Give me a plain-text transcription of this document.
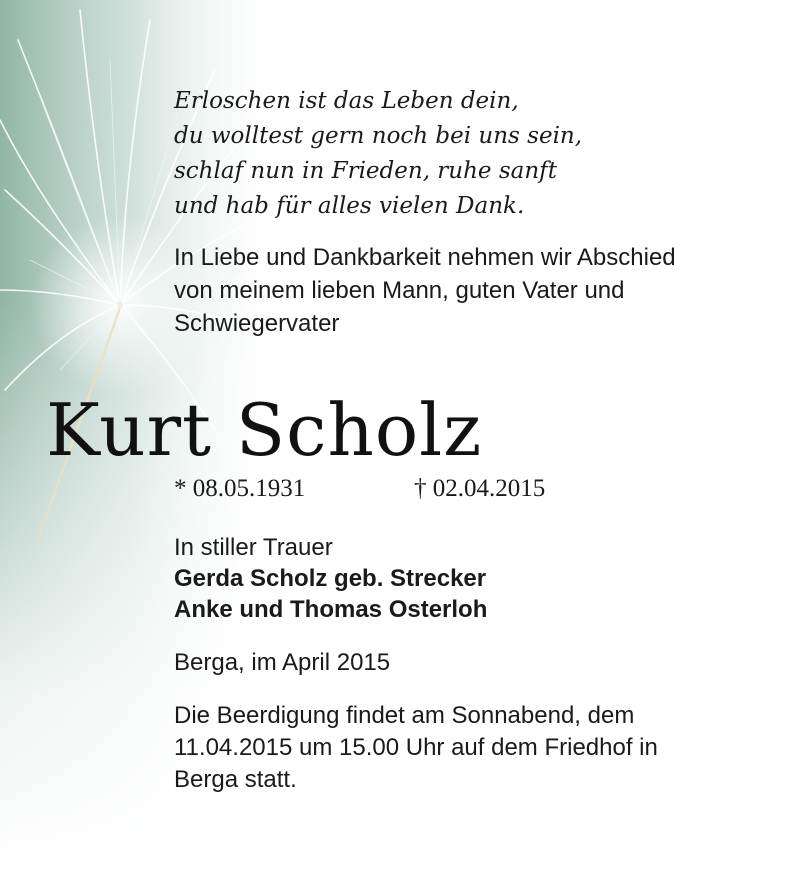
Erloschen ist das Leben dein,
du wolltest gern noch bei uns sein,
schlaf nun in Frieden, ruhe sanft
und hab für alles vielen Dank.

In Liebe und Dankbarkeit nehmen wir Abschied
von meinem lieben Mann, guten Vater und
Schwiegervater

In stiller Trauer
Gerda Scholz geb. Strecker
Anke und Thomas Osterloh
Berga, im April 2015
Die Beerdigung findet am Sonnabend, dem
11.04.2015 um 15.00 Uhr auf dem Friedhof in
Berga statt.
Kurt Scholz
* 08.05.1931	† 02.04.2015
